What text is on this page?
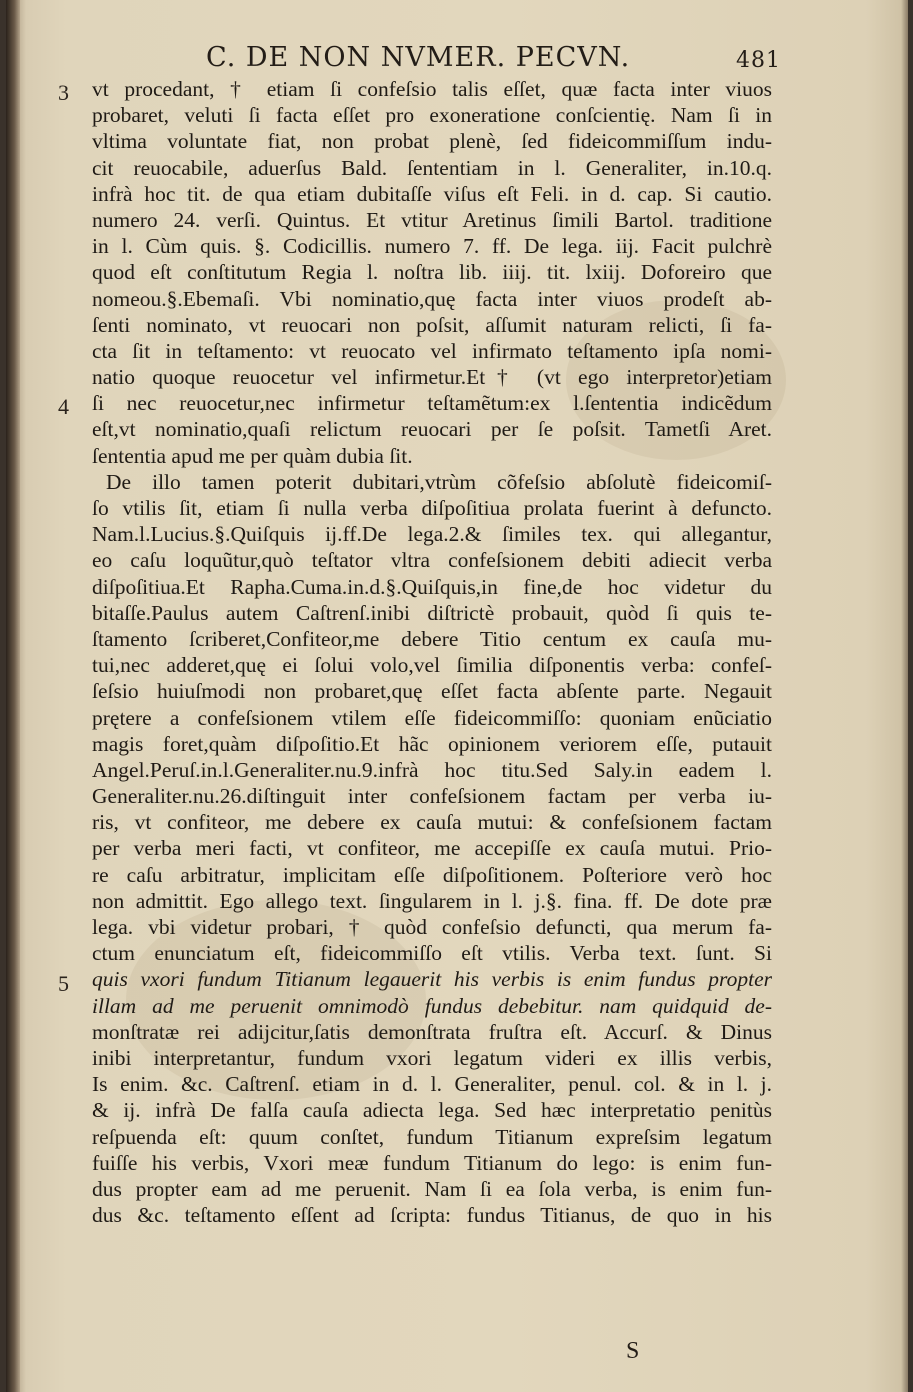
C. DE NON NVMER. PECVN.	481
3
4
5
vt procedant, † etiam ſi confeſsio talis eſſet, quæ facta inter viuos
probaret, veluti ſi facta eſſet pro exoneratione conſcientię. Nam ſi in
vltima voluntate fiat, non probat plenè, ſed fideicommiſſum indu-
cit reuocabile, aduerſus Bald. ſententiam in l. Generaliter, in.10.q.
infrà hoc tit. de qua etiam dubitaſſe viſus eſt Feli. in d. cap. Si cautio.
numero 24. verſi. Quintus. Et vtitur Aretinus ſimili Bartol. traditione
in l. Cùm quis. §. Codicillis. numero 7. ff. De lega. iij. Facit pulchrè
quod eſt conſtitutum Regia l. noſtra lib. iiij. tit. lxiij. Doforeiro que
nomeou.§.Ebemaſi. Vbi nominatio,quę facta inter viuos prodeſt ab-
ſenti nominato, vt reuocari non poſsit, aſſumit naturam relicti, ſi fa-
cta ſit in teſtamento: vt reuocato vel infirmato teſtamento ipſa nomi-
natio quoque reuocetur vel infirmetur.Et† (vt ego interpretor)etiam
ſi nec reuocetur,nec infirmetur teſtamẽtum:ex l.ſententia indicẽdum
eſt,vt nominatio,quaſi relictum reuocari per ſe poſsit. Tametſi Aret.
ſententia apud me per quàm dubia ſit.
De illo tamen poterit dubitari,vtrùm cõfeſsio abſolutè fideicomiſ-
ſo vtilis ſit, etiam ſi nulla verba diſpoſitiua prolata fuerint à defuncto.
Nam.l.Lucius.§.Quiſquis ij.ff.De lega.2.& ſimiles tex. qui allegantur,
eo caſu loquũtur,quò teſtator vltra confeſsionem debiti adiecit verba
diſpoſitiua.Et Rapha.Cuma.in.d.§.Quiſquis,in fine,de hoc videtur du
bitaſſe.Paulus autem Caſtrenſ.inibi diſtrictè probauit, quòd ſi quis te-
ſtamento ſcriberet,Confiteor,me debere Titio centum ex cauſa mu-
tui,nec adderet,quę ei ſolui volo,vel ſimilia diſponentis verba: confeſ-
ſeſsio huiuſmodi non probaret,quę eſſet facta abſente parte. Negauit
prętere a confeſsionem vtilem eſſe fideicommiſſo: quoniam enũciatio
magis foret,quàm diſpoſitio.Et hãc opinionem veriorem eſſe, putauit
Angel.Peruſ.in.l.Generaliter.nu.9.infrà hoc titu.Sed Saly.in eadem l.
Generaliter.nu.26.diſtinguit inter confeſsionem factam per verba iu-
ris, vt confiteor, me debere ex cauſa mutui: & confeſsionem factam
per verba meri facti, vt confiteor, me accepiſſe ex cauſa mutui. Prio-
re caſu arbitratur, implicitam eſſe diſpoſitionem. Poſteriore verò hoc
non admittit. Ego allego text. ſingularem in l. j.§. fina. ff. De dote præ
lega. vbi videtur probari, † quòd confeſsio defuncti, qua merum fa-
ctum enunciatum eſt, fideicommiſſo eſt vtilis. Verba text. ſunt. Si
quis vxori fundum Titianum legauerit his verbis is enim fundus propter
illam ad me peruenit omnimodò fundus debebitur. nam quidquid de-
monſtratæ rei adijcitur,ſatis demonſtrata fruſtra eſt. Accurſ. & Dinus
inibi interpretantur, fundum vxori legatum videri ex illis verbis,
Is enim. &c. Caſtrenſ. etiam in d. l. Generaliter, penul. col. & in l. j.
& ij. infrà De falſa cauſa adiecta lega. Sed hæc interpretatio penitùs
reſpuenda eſt: quum conſtet, fundum Titianum expreſsim legatum
fuiſſe his verbis, Vxori meæ fundum Titianum do lego: is enim fun-
dus propter eam ad me peruenit. Nam ſi ea ſola verba, is enim fun-
dus &c. teſtamento eſſent ad ſcripta: fundus Titianus, de quo in his
S
